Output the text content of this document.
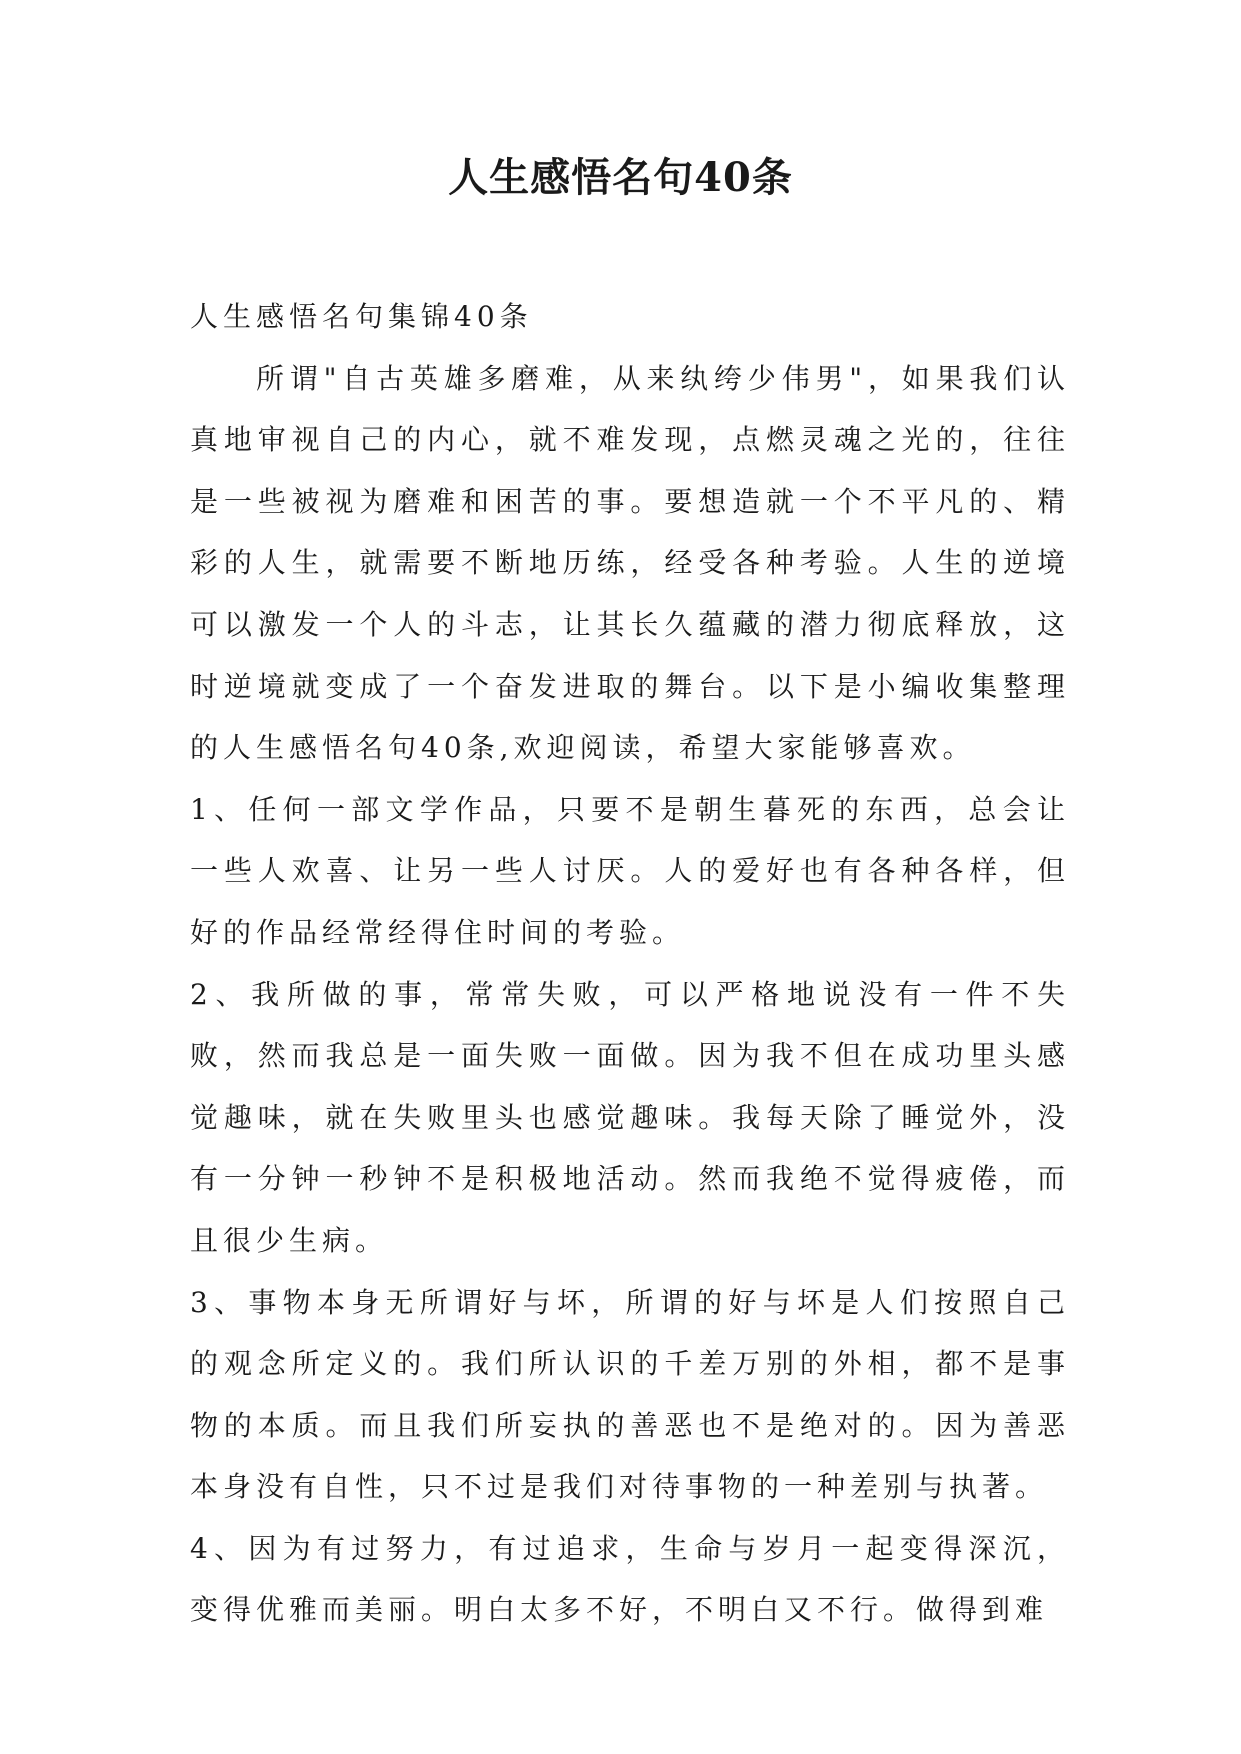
人生感悟名句40条

人生感悟名句集锦40条

所谓"自古英雄多磨难，从来纨绔少伟男"，如果我们认真地审视自己的内心，就不难发现，点燃灵魂之光的，往往是一些被视为磨难和困苦的事。要想造就一个不平凡的、精彩的人生，就需要不断地历练，经受各种考验。人生的逆境可以激发一个人的斗志，让其长久蕴藏的潜力彻底释放，这时逆境就变成了一个奋发进取的舞台。以下是小编收集整理的人生感悟名句40条,欢迎阅读，希望大家能够喜欢。

1、任何一部文学作品，只要不是朝生暮死的东西，总会让一些人欢喜、让另一些人讨厌。人的爱好也有各种各样，但好的作品经常经得住时间的考验。

2、我所做的事，常常失败，可以严格地说没有一件不失败，然而我总是一面失败一面做。因为我不但在成功里头感觉趣味，就在失败里头也感觉趣味。我每天除了睡觉外，没有一分钟一秒钟不是积极地活动。然而我绝不觉得疲倦，而且很少生病。

3、事物本身无所谓好与坏，所谓的好与坏是人们按照自己的观念所定义的。我们所认识的千差万别的外相，都不是事物的本质。而且我们所妄执的善恶也不是绝对的。因为善恶本身没有自性，只不过是我们对待事物的一种差别与执著。

4、因为有过努力，有过追求，生命与岁月一起变得深沉，变得优雅而美丽。明白太多不好，不明白又不行。做得到难
